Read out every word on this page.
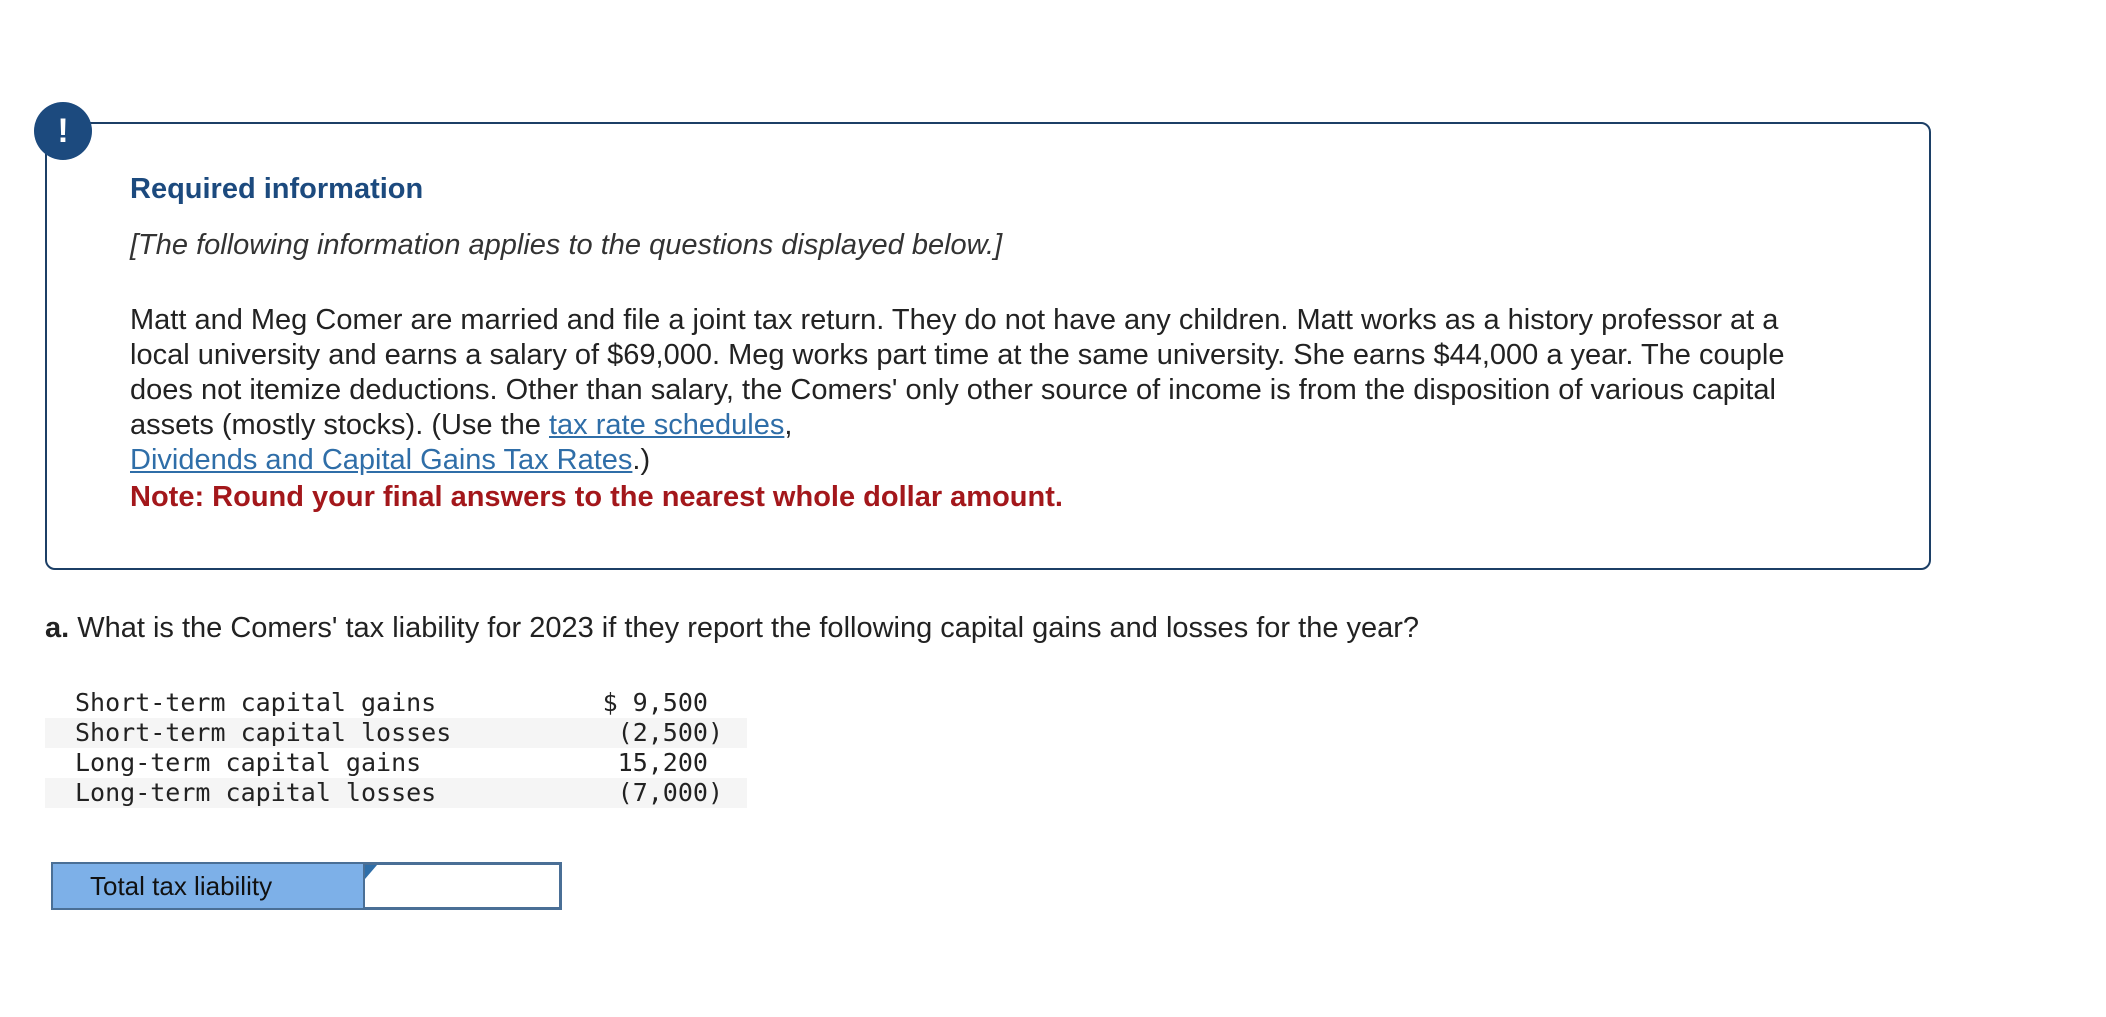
!
Required information

[The following information applies to the questions displayed below.]

Matt and Meg Comer are married and file a joint tax return. They do not have any children. Matt works as a history professor at a local university and earns a salary of $69,000. Meg works part time at the same university. She earns $44,000 a year. The couple does not itemize deductions. Other than salary, the Comers' only other source of income is from the disposition of various capital assets (mostly stocks). (Use the tax rate schedules,
Dividends and Capital Gains Tax Rates.)
Note: Round your final answers to the nearest whole dollar amount.

a. What is the Comers' tax liability for 2023 if they report the following capital gains and losses for the year?

Short-term capital gains	$ 9,500
Short-term capital losses	(2,500)
Long-term capital gains	15,200
Long-term capital losses	(7,000)
Total tax liability
